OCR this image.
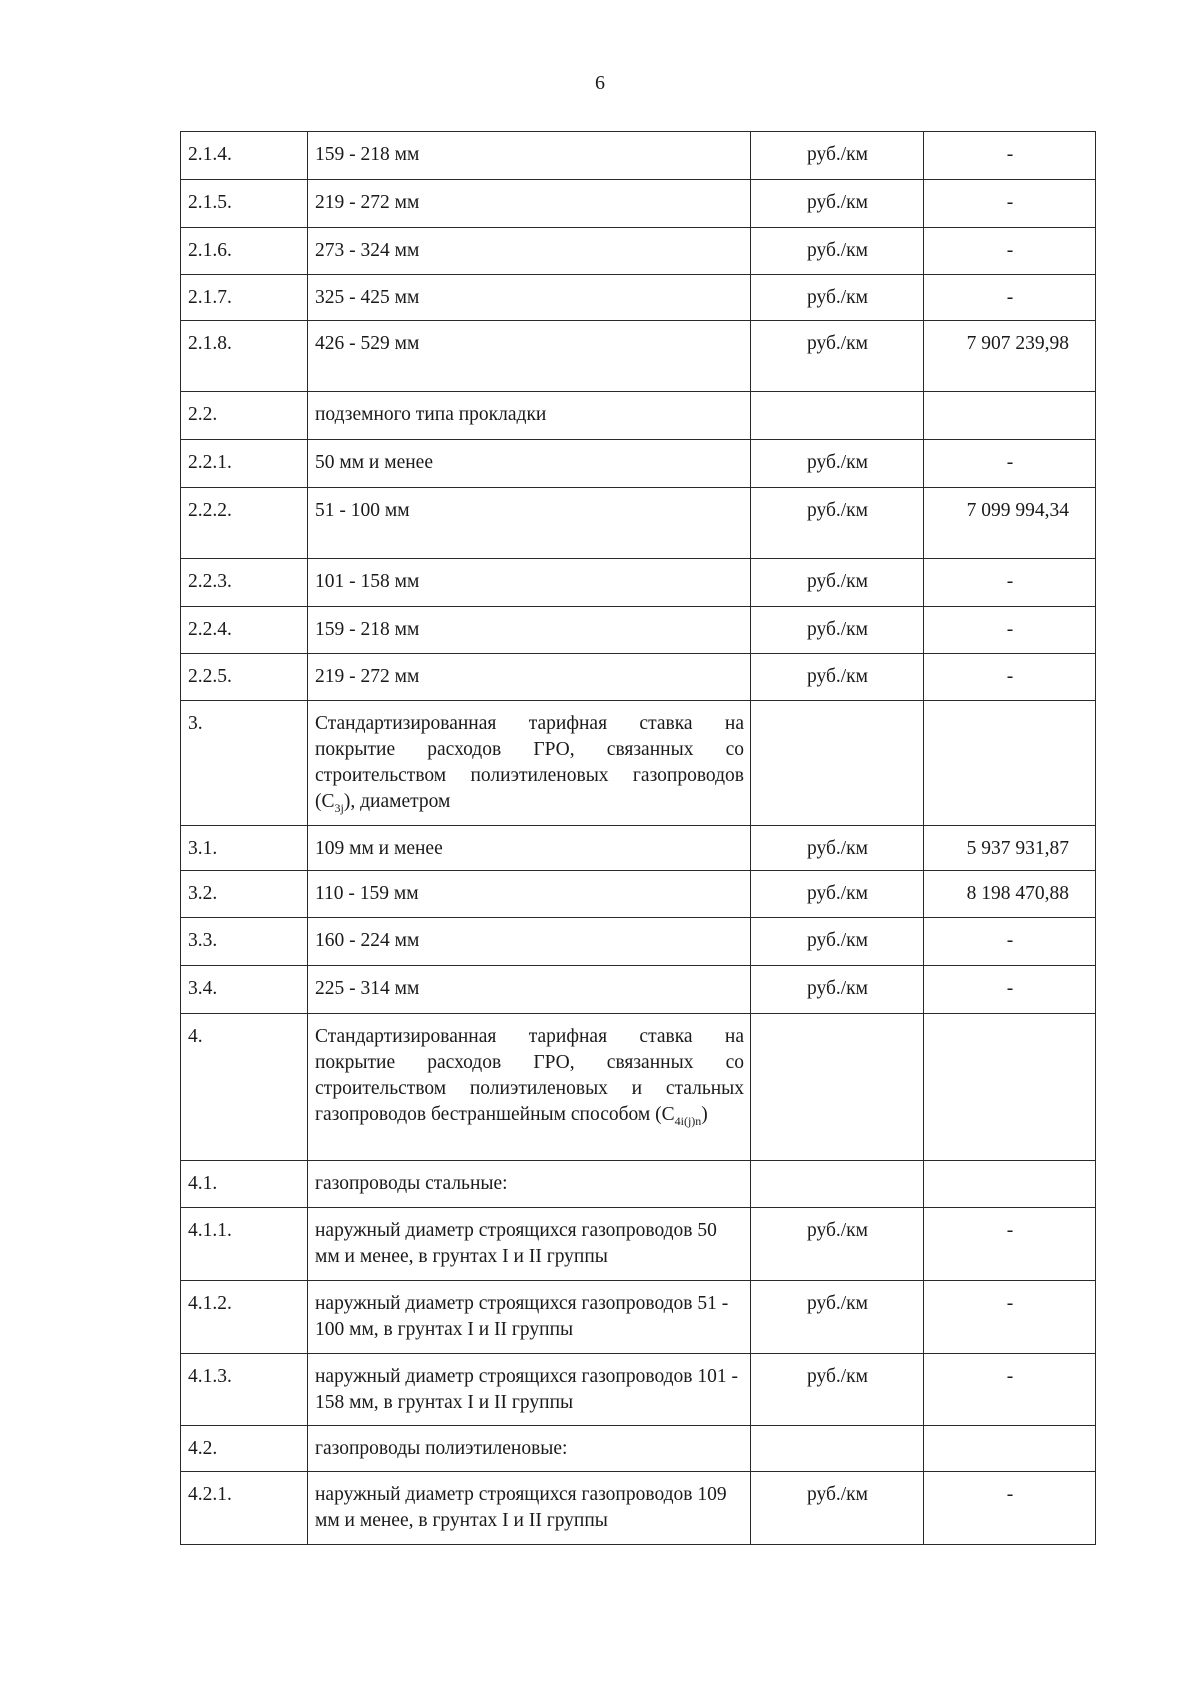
6
2.1.4.	159 - 218 мм	руб./км	-
2.1.5.	219 - 272 мм	руб./км	-
2.1.6.	273 - 324 мм	руб./км	-
2.1.7.	325 - 425 мм	руб./км	-
2.1.8.	426 - 529 мм	руб./км	7 907 239,98
2.2.	подземного типа прокладки		
2.2.1.	50 мм и менее	руб./км	-
2.2.2.	51 - 100 мм	руб./км	7 099 994,34
2.2.3.	101 - 158 мм	руб./км	-
2.2.4.	159 - 218 мм	руб./км	-
2.2.5.	219 - 272 мм	руб./км	-
3.	Стандартизированная тарифная ставка на покрытие расходов ГРО, связанных со строительством полиэтиленовых газопроводов $(C_{3j})$, диаметром		
3.1.	109 мм и менее	руб./км	5 937 931,87
3.2.	110 - 159 мм	руб./км	8 198 470,88
3.3.	160 - 224 мм	руб./км	-
3.4.	225 - 314 мм	руб./км	-
4.	Стандартизированная тарифная ставка на покрытие расходов ГРО, связанных со строительством полиэтиленовых и стальных газопроводов бестраншейным способом $(C_{4i(j)n})$		
4.1.	газопроводы стальные:		
4.1.1.	наружный диаметр строящихся газопроводов 50 мм и менее, в грунтах I и II группы	руб./км	-
4.1.2.	наружный диаметр строящихся газопроводов 51 - 100 мм, в грунтах I и II группы	руб./км	-
4.1.3.	наружный диаметр строящихся газопроводов 101 - 158 мм, в грунтах I и II группы	руб./км	-
4.2.	газопроводы полиэтиленовые:		
4.2.1.	наружный диаметр строящихся газопроводов 109 мм и менее, в грунтах I и II группы	руб./км	-
